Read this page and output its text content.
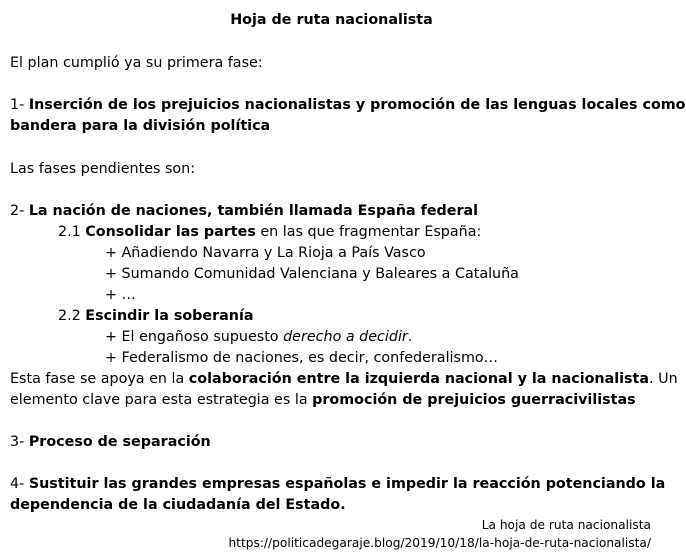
Hoja de ruta nacionalista
El plan cumplió ya su primera fase:
1- Inserción de los prejuicios nacionalistas y promoción de las lenguas locales como
bandera para la división política
Las fases pendientes son:
2- La nación de naciones, también llamada España federal
2.1 Consolidar las partes en las que fragmentar España:
+ Añadiendo Navarra y La Rioja a País Vasco
+ Sumando Comunidad Valenciana y Baleares a Cataluña
+ …
2.2 Escindir la soberanía
+ El engañoso supuesto derecho a decidir.
+ Federalismo de naciones, es decir, confederalismo…
Esta fase se apoya en la colaboración entre la izquierda nacional y la nacionalista. Un
elemento clave para esta estrategia es la promoción de prejuicios guerracivilistas
3- Proceso de separación
4- Sustituir las grandes empresas españolas e impedir la reacción potenciando la
dependencia de la ciudadanía del Estado.
La hoja de ruta nacionalista
https://politicadegaraje.blog/2019/10/18/la-hoja-de-ruta-nacionalista/
